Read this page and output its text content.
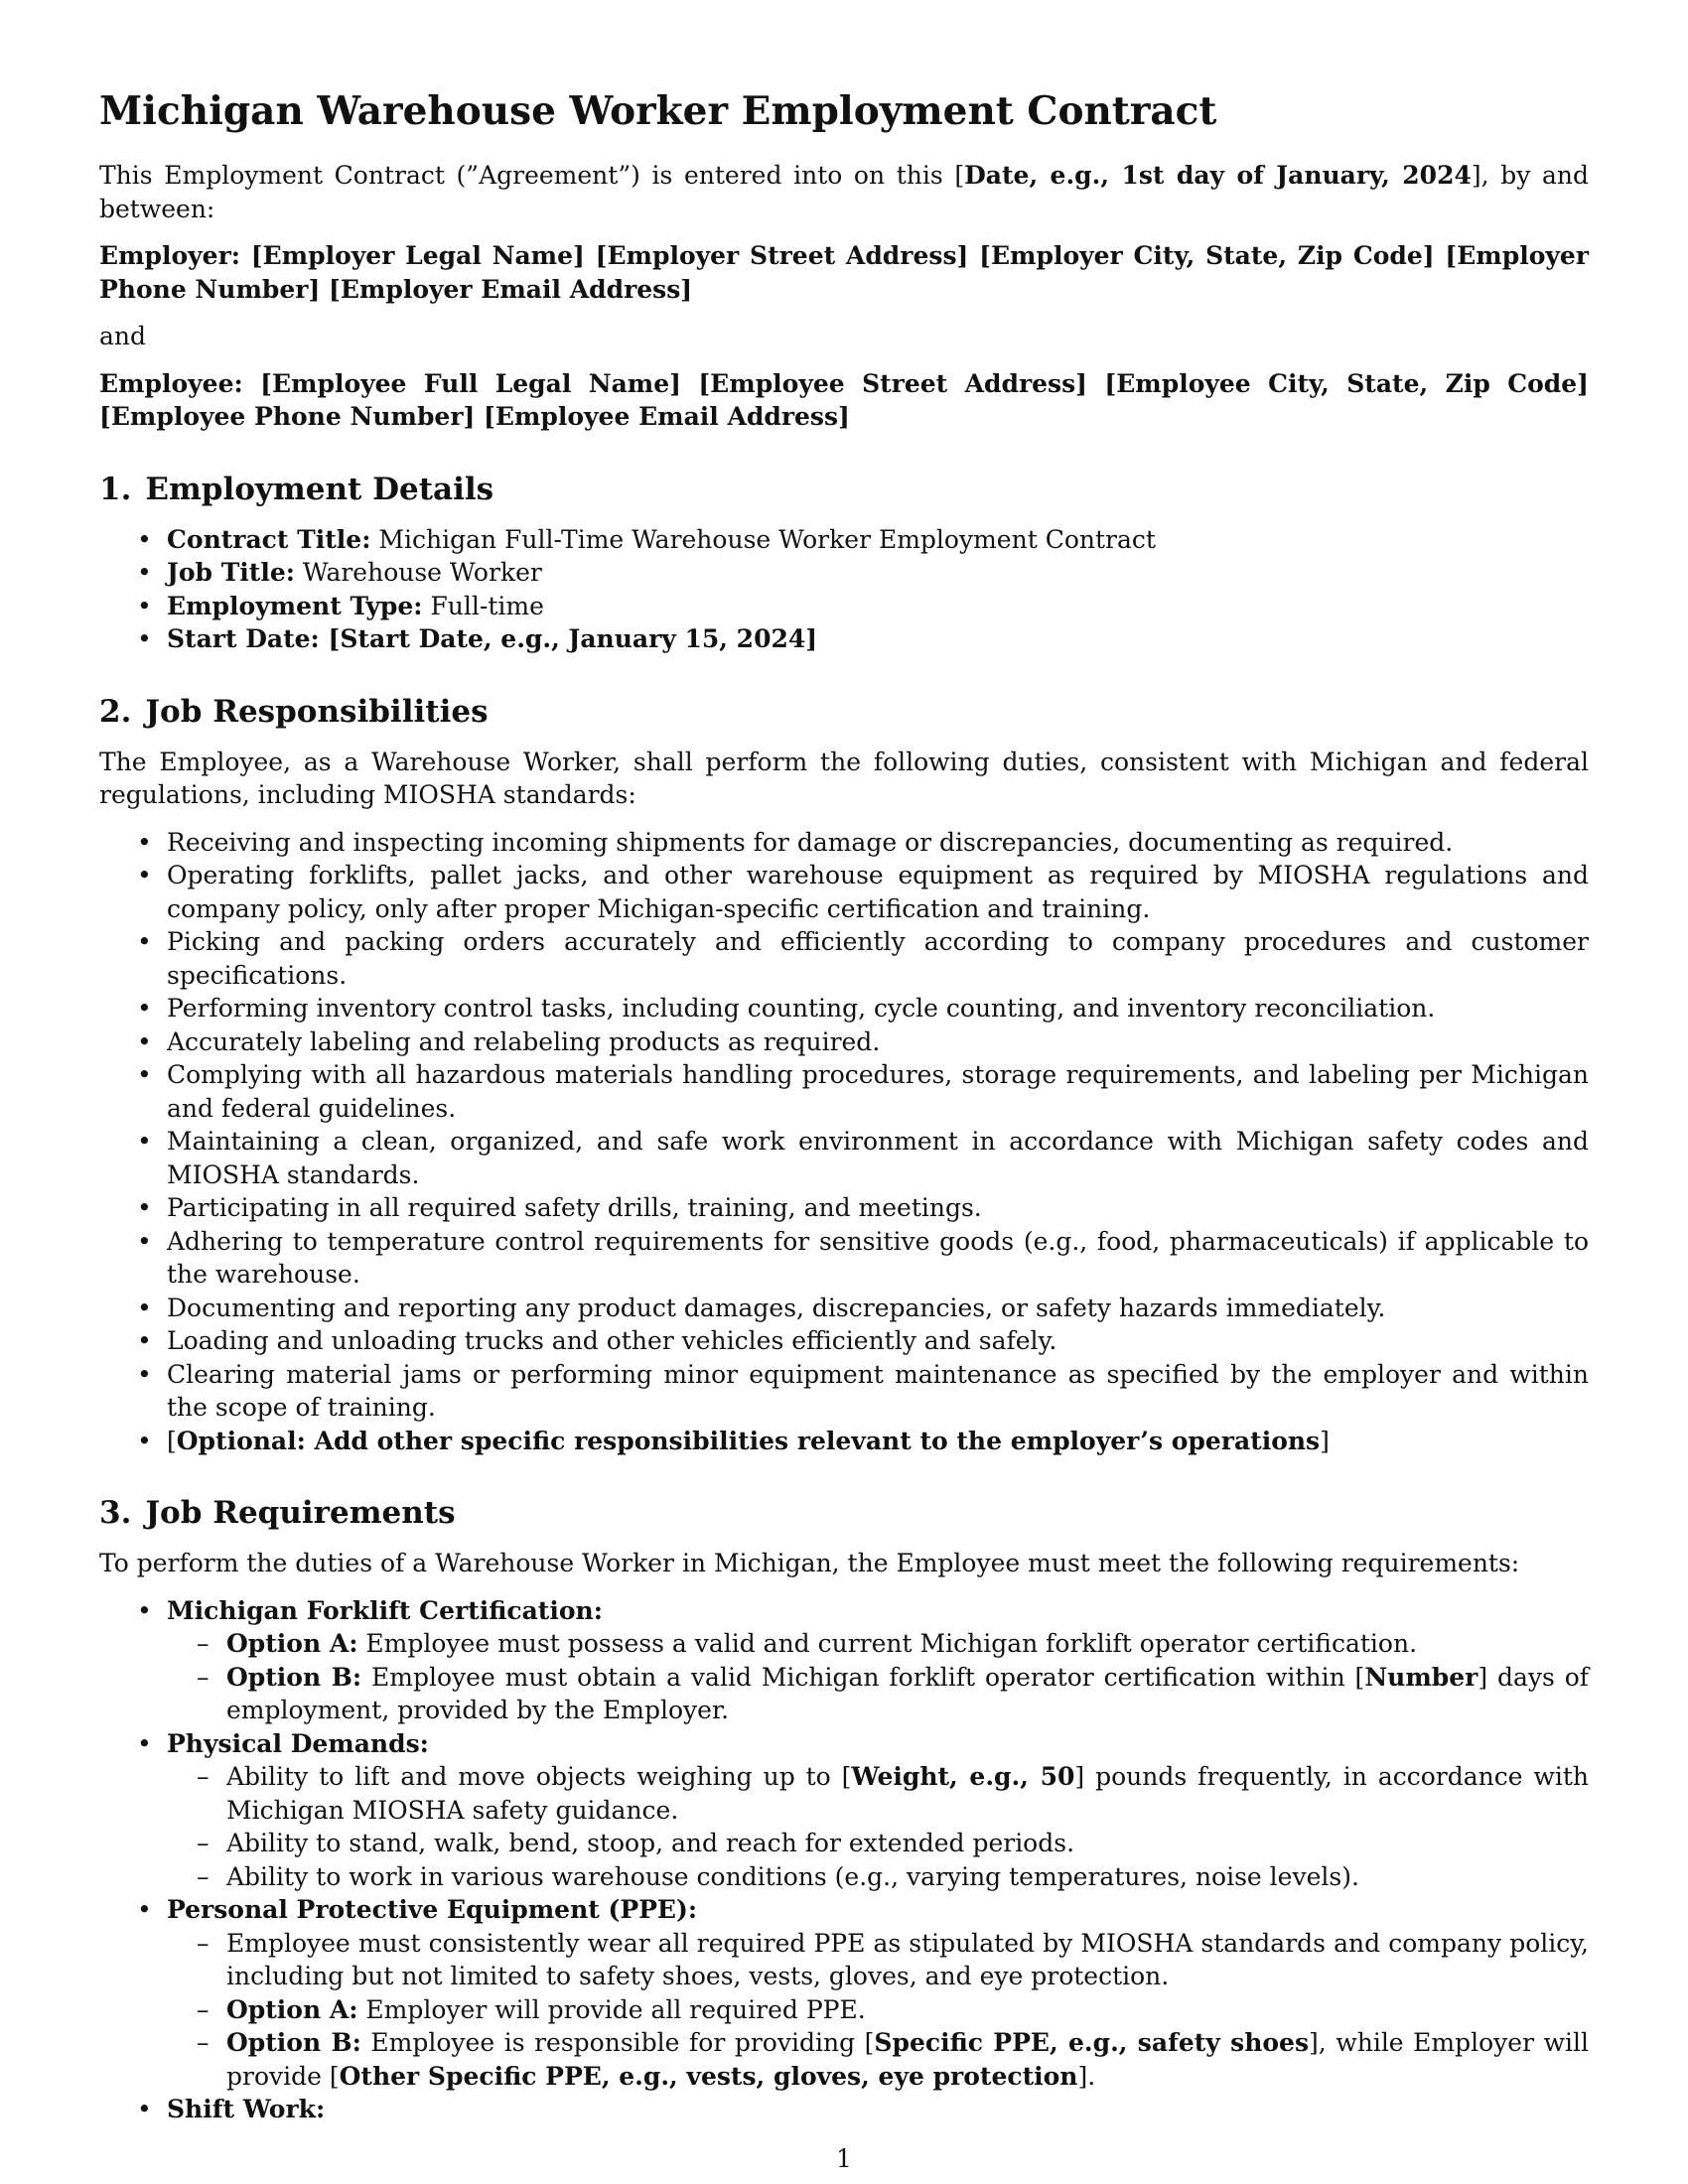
Michigan Warehouse Worker Employment Contract

This Employment Contract (”Agreement”) is entered into on this [Date, e.g., 1st day of January, 2024], by and between:

Employer: [Employer Legal Name] [Employer Street Address] [Employer City, State, Zip Code] [Employer Phone Number] [Employer Email Address]

and

Employee: [Employee Full Legal Name] [Employee Street Address] [Employee City, State, Zip Code] [Employee Phone Number] [Employee Email Address]

1. Employment Details
• Contract Title: Michigan Full-Time Warehouse Worker Employment Contract
• Job Title: Warehouse Worker
• Employment Type: Full-time
• Start Date: [Start Date, e.g., January 15, 2024]
2. Job Responsibilities

The Employee, as a Warehouse Worker, shall perform the following duties, consistent with Michigan and federal regulations, including MIOSHA standards:

• Receiving and inspecting incoming shipments for damage or discrepancies, documenting as required.
• Operating forklifts, pallet jacks, and other warehouse equipment as required by MIOSHA regulations and company policy, only after proper Michigan-specific certification and training.
• Picking and packing orders accurately and efficiently according to company procedures and customer specifications.
• Performing inventory control tasks, including counting, cycle counting, and inventory reconciliation.
• Accurately labeling and relabeling products as required.
• Complying with all hazardous materials handling procedures, storage requirements, and labeling per Michigan and federal guidelines.
• Maintaining a clean, organized, and safe work environment in accordance with Michigan safety codes and MIOSHA standards.
• Participating in all required safety drills, training, and meetings.
• Adhering to temperature control requirements for sensitive goods (e.g., food, pharmaceuticals) if applicable to the warehouse.
• Documenting and reporting any product damages, discrepancies, or safety hazards immediately.
• Loading and unloading trucks and other vehicles efficiently and safely.
• Clearing material jams or performing minor equipment maintenance as specified by the employer and within the scope of training.
• [Optional: Add other specific responsibilities relevant to the employer’s operations]
3. Job Requirements

To perform the duties of a Warehouse Worker in Michigan, the Employee must meet the following requirements:

• Michigan Forklift Certification:
– Option A: Employee must possess a valid and current Michigan forklift operator certification.
– Option B: Employee must obtain a valid Michigan forklift operator certification within [Number] days of employment, provided by the Employer.
• Physical Demands:
– Ability to lift and move objects weighing up to [Weight, e.g., 50] pounds frequently, in accordance with Michigan MIOSHA safety guidance.
– Ability to stand, walk, bend, stoop, and reach for extended periods.
– Ability to work in various warehouse conditions (e.g., varying temperatures, noise levels).
• Personal Protective Equipment (PPE):
– Employee must consistently wear all required PPE as stipulated by MIOSHA standards and company policy, including but not limited to safety shoes, vests, gloves, and eye protection.
– Option A: Employer will provide all required PPE.
– Option B: Employee is responsible for providing [Specific PPE, e.g., safety shoes], while Employer will provide [Other Specific PPE, e.g., vests, gloves, eye protection].
• Shift Work:
1
